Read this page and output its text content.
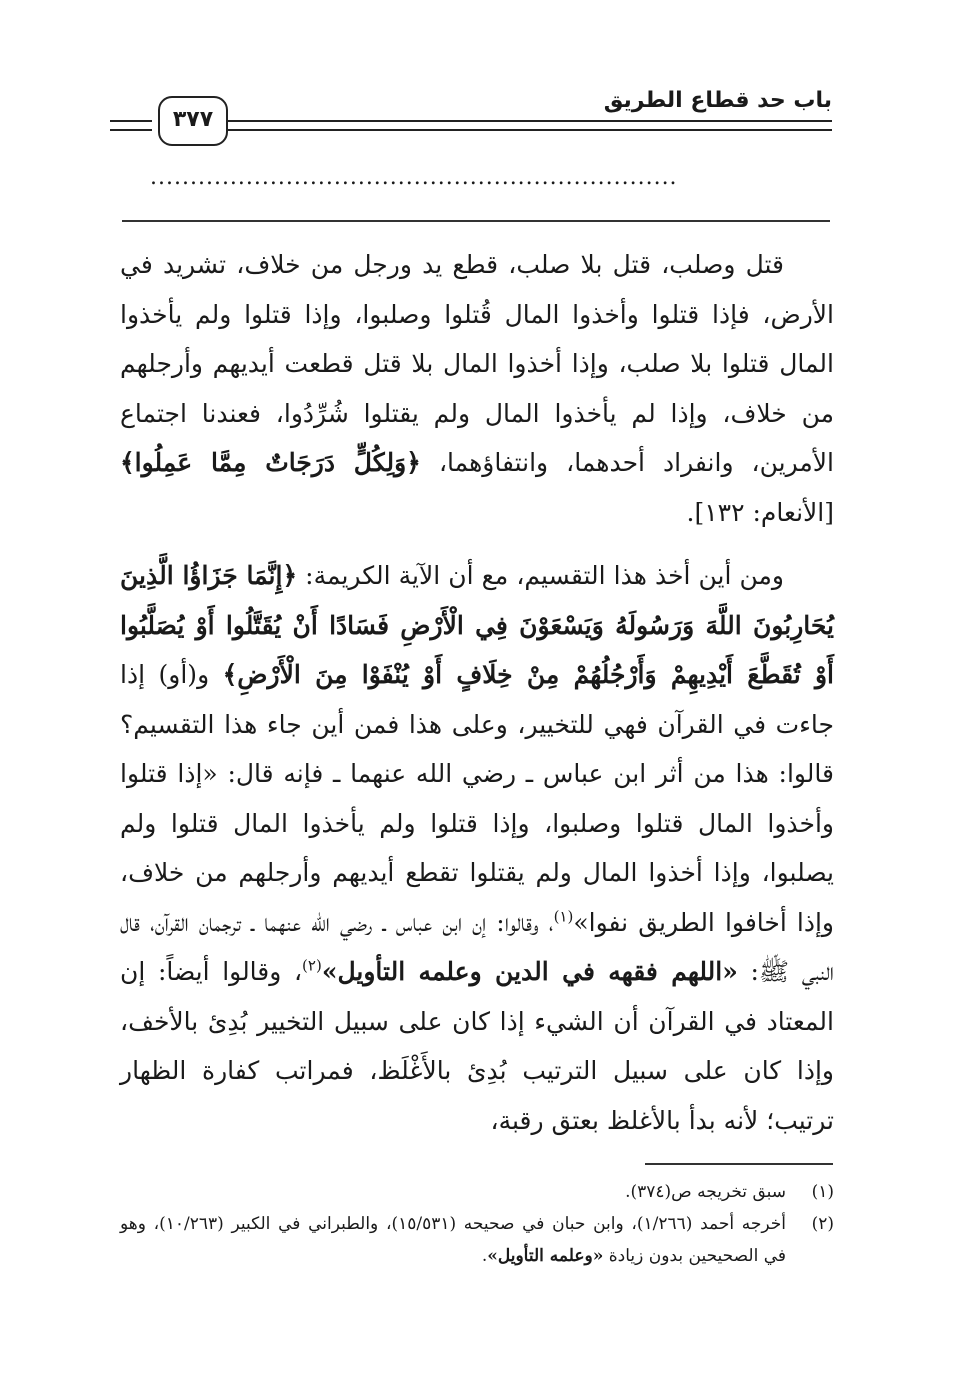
٣٧٧
باب حد قطاع الطريق
..................................................................

قتل وصلب، قتل بلا صلب، قطع يد ورجل من خلاف، تشريد في الأرض، فإذا قتلوا وأخذوا المال قُتلوا وصلبوا، وإذا قتلوا ولم يأخذوا المال قتلوا بلا صلب، وإذا أخذوا المال بلا قتل قطعت أيديهم وأرجلهم من خلاف، وإذا لم يأخذوا المال ولم يقتلوا شُرِّدُوا، فعندنا اجتماع الأمرين، وانفراد أحدهما، وانتفاؤهما، ﴿وَلِكُلٍّ دَرَجَاتٌ مِمَّا عَمِلُوا﴾ [الأنعام: ١٣٢].

ومن أين أخذ هذا التقسيم، مع أن الآية الكريمة: ﴿إِنَّمَا جَزَاؤُا الَّذِينَ يُحَارِبُونَ اللَّهَ وَرَسُولَهُ وَيَسْعَوْنَ فِي الْأَرْضِ فَسَادًا أَنْ يُقَتَّلُوا أَوْ يُصَلَّبُوا أَوْ تُقَطَّعَ أَيْدِيهِمْ وَأَرْجُلُهُمْ مِنْ خِلَافٍ أَوْ يُنْفَوْا مِنَ الْأَرْضِ﴾ و(أو) إذا جاءت في القرآن فهي للتخيير، وعلى هذا فمن أين جاء هذا التقسيم؟ قالوا: هذا من أثر ابن عباس ـ رضي الله عنهما ـ فإنه قال: «إذا قتلوا وأخذوا المال قتلوا وصلبوا، وإذا قتلوا ولم يأخذوا المال قتلوا ولم يصلبوا، وإذا أخذوا المال ولم يقتلوا تقطع أيديهم وأرجلهم من خلاف، وإذا أخافوا الطريق نفوا»$^{(١)}$، وقالوا: إن ابن عباس ـ رضي الله عنهما ـ ترجمان القرآن، قال النبي ﷺ: «اللهم فقهه في الدين وعلمه التأويل»$^{(٢)}$، وقالوا أيضاً: إن المعتاد في القرآن أن الشيء إذا كان على سبيل التخيير بُدِئ بالأخف، وإذا كان على سبيل الترتيب بُدِئ بالأَغْلَظ، فمراتب كفارة الظهار ترتيب؛ لأنه بدأ بالأغلظ بعتق رقبة،

(١)
سبق تخريجه ص(٣٧٤).
(٢)
أخرجه أحمد (١/٢٦٦)، وابن حبان في صحيحه (١٥/٥٣١)، والطبراني في الكبير (١٠/٢٦٣)، وهو في الصحيحين بدون زيادة «وعلمه التأويل».
